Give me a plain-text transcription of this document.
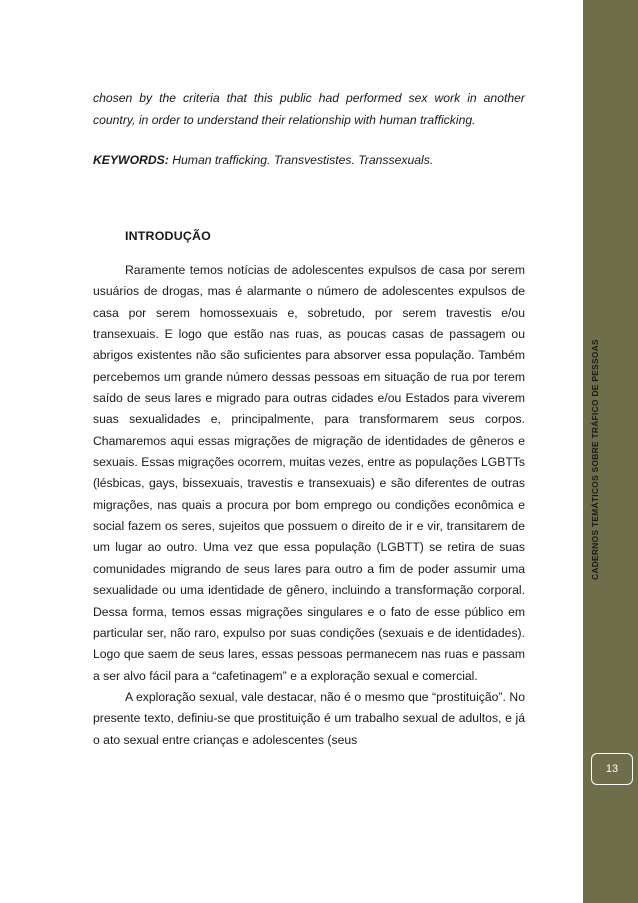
chosen by the criteria that this public had performed sex work in another country, in order to understand their relationship with human trafficking.

KEYWORDS: Human trafficking. Transvestistes. Transsexuals.

INTRODUÇÃO

Raramente temos notícias de adolescentes expulsos de casa por serem usuários de drogas, mas é alarmante o número de adolescentes expulsos de casa por serem homossexuais e, sobretudo, por serem travestis e/ou transexuais. E logo que estão nas ruas, as poucas casas de passagem ou abrigos existentes não são suficientes para absorver essa população. Também percebemos um grande número dessas pessoas em situação de rua por terem saído de seus lares e migrado para outras cidades e/ou Estados para viverem suas sexualidades e, principalmente, para transformarem seus corpos. Chamaremos aqui essas migrações de migração de identidades de gêneros e sexuais. Essas migrações ocorrem, muitas vezes, entre as populações LGBTTs (lésbicas, gays, bissexuais, travestis e transexuais) e são diferentes de outras migrações, nas quais a procura por bom emprego ou condições econômica e social fazem os seres, sujeitos que possuem o direito de ir e vir, transitarem de um lugar ao outro. Uma vez que essa população (LGBTT) se retira de suas comunidades migrando de seus lares para outro a fim de poder assumir uma sexualidade ou uma identidade de gênero, incluindo a transformação corporal. Dessa forma, temos essas migrações singulares e o fato de esse público em particular ser, não raro, expulso por suas condições (sexuais e de identidades). Logo que saem de seus lares, essas pessoas permanecem nas ruas e passam a ser alvo fácil para a “cafetinagem” e a exploração sexual e comercial.

A exploração sexual, vale destacar, não é o mesmo que “prostituição”. No presente texto, definiu-se que prostituição é um trabalho sexual de adultos, e já o ato sexual entre crianças e adolescentes (seus

CADERNOS TEMÁTICOS SOBRE TRÁFICO DE PESSOAS
13
